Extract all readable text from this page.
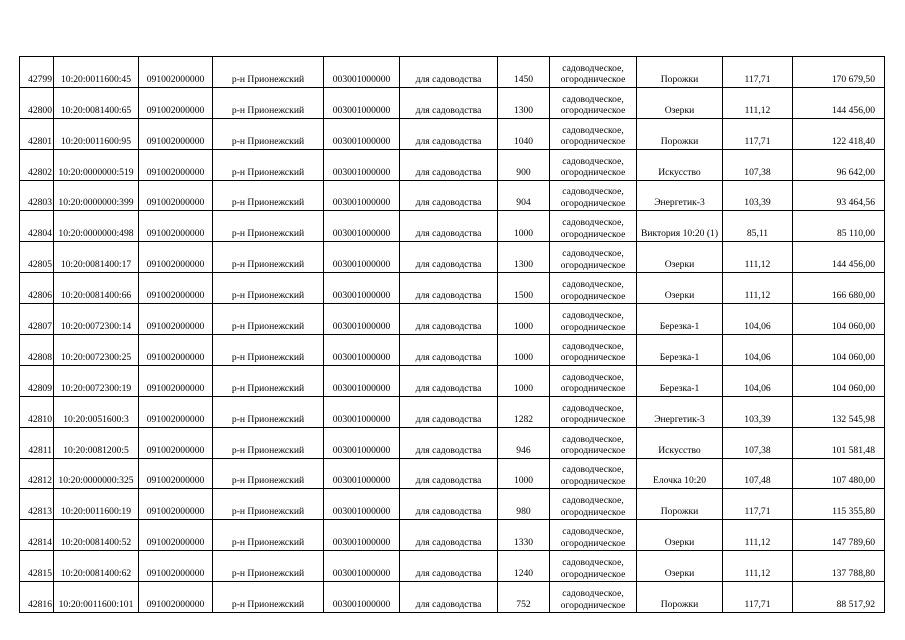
42799	10:20:0011600:45	091002000000	р-н Прионежский	003001000000	для садоводства	1450	садоводческое,
огородническое	Порожки	117,71	170 679,50
42800	10:20:0081400:65	091002000000	р-н Прионежский	003001000000	для садоводства	1300	садоводческое,
огородническое	Озерки	111,12	144 456,00
42801	10:20:0011600:95	091002000000	р-н Прионежский	003001000000	для садоводства	1040	садоводческое,
огородническое	Порожки	117,71	122 418,40
42802	10:20:0000000:519	091002000000	р-н Прионежский	003001000000	для садоводства	900	садоводческое,
огородническое	Искусство	107,38	96 642,00
42803	10:20:0000000:399	091002000000	р-н Прионежский	003001000000	для садоводства	904	садоводческое,
огородническое	Энергетик-3	103,39	93 464,56
42804	10:20:0000000:498	091002000000	р-н Прионежский	003001000000	для садоводства	1000	садоводческое,
огородническое	Виктория 10:20 (1)	85,11	85 110,00
42805	10:20:0081400:17	091002000000	р-н Прионежский	003001000000	для садоводства	1300	садоводческое,
огородническое	Озерки	111,12	144 456,00
42806	10:20:0081400:66	091002000000	р-н Прионежский	003001000000	для садоводства	1500	садоводческое,
огородническое	Озерки	111,12	166 680,00
42807	10:20:0072300:14	091002000000	р-н Прионежский	003001000000	для садоводства	1000	садоводческое,
огородническое	Березка-1	104,06	104 060,00
42808	10:20:0072300:25	091002000000	р-н Прионежский	003001000000	для садоводства	1000	садоводческое,
огородническое	Березка-1	104,06	104 060,00
42809	10:20:0072300:19	091002000000	р-н Прионежский	003001000000	для садоводства	1000	садоводческое,
огородническое	Березка-1	104,06	104 060,00
42810	10:20:0051600:3	091002000000	р-н Прионежский	003001000000	для садоводства	1282	садоводческое,
огородническое	Энергетик-3	103,39	132 545,98
42811	10:20:0081200:5	091002000000	р-н Прионежский	003001000000	для садоводства	946	садоводческое,
огородническое	Искусство	107,38	101 581,48
42812	10:20:0000000:325	091002000000	р-н Прионежский	003001000000	для садоводства	1000	садоводческое,
огородническое	Елочка 10:20	107,48	107 480,00
42813	10:20:0011600:19	091002000000	р-н Прионежский	003001000000	для садоводства	980	садоводческое,
огородническое	Порожки	117,71	115 355,80
42814	10:20:0081400:52	091002000000	р-н Прионежский	003001000000	для садоводства	1330	садоводческое,
огородническое	Озерки	111,12	147 789,60
42815	10:20:0081400:62	091002000000	р-н Прионежский	003001000000	для садоводства	1240	садоводческое,
огородническое	Озерки	111,12	137 788,80
42816	10:20:0011600:101	091002000000	р-н Прионежский	003001000000	для садоводства	752	садоводческое,
огородническое	Порожки	117,71	88 517,92
